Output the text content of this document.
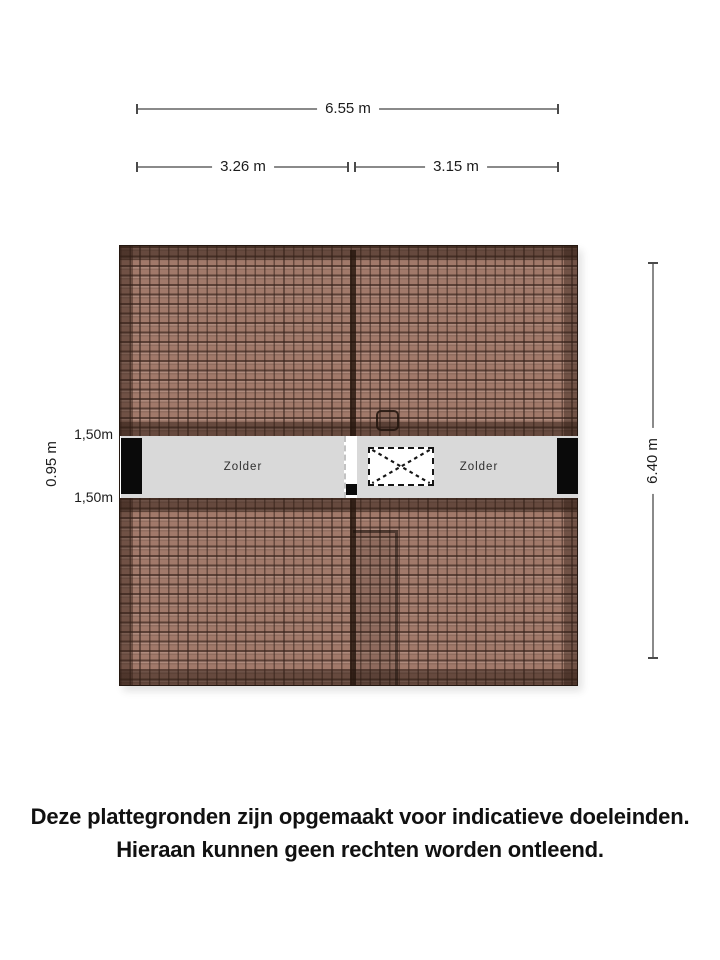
6.55 m
3.26 m	3.15 m
6.40 m
0.95 m
1,50m
1,50m
Zolder	Zolder
Deze plattegronden zijn opgemaakt voor indicatieve doeleinden.
Hieraan kunnen geen rechten worden ontleend.
